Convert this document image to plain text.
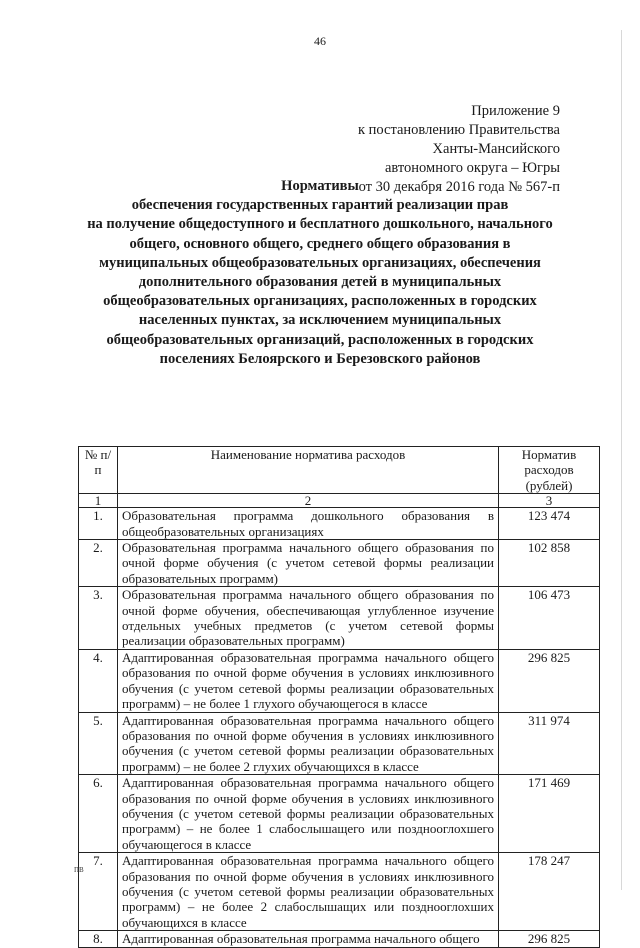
46
Приложение 9
к постановлению Правительства
Ханты-Мансийского
автономного округа – Югры
от 30 декабря 2016 года № 567-п
Нормативы
обеспечения государственных гарантий реализации прав
на получение общедоступного и бесплатного дошкольного, начального
общего, основного общего, среднего общего образования в
муниципальных общеобразовательных организациях, обеспечения
дополнительного образования детей в муниципальных
общеобразовательных организациях, расположенных в городских
населенных пунктах, за исключением муниципальных
общеобразовательных организаций, расположенных в городских
поселениях Белоярского и Березовского районов
№ п/п	Наименование норматива расходов	Норматив расходов (рублей)
1	2	3
1.	Образовательная программа дошкольного образования в общеобразовательных организациях	123 474
2.	Образовательная программа начального общего образования по очной форме обучения (с учетом сетевой формы реализации образовательных программ)	102 858
3.	Образовательная программа начального общего образования по очной форме обучения, обеспечивающая углубленное изучение отдельных учебных предметов (с учетом сетевой формы реализации образовательных программ)	106 473
4.	Адаптированная образовательная программа начального общего образования по очной форме обучения в условиях инклюзивного обучения (с учетом сетевой формы реализации образовательных программ) – не более 1 глухого обучающегося в классе	296 825
5.	Адаптированная образовательная программа начального общего образования по очной форме обучения в условиях инклюзивного обучения (с учетом сетевой формы реализации образовательных программ) – не более 2 глухих обучающихся в классе	311 974
6.	Адаптированная образовательная программа начального общего образования по очной форме обучения в условиях инклюзивного обучения (с учетом сетевой формы реализации образовательных программ) – не более 1 слабослышащего или позднооглохшего обучающегося в классе	171 469
7.	Адаптированная образовательная программа начального общего образования по очной форме обучения в условиях инклюзивного обучения (с учетом сетевой формы реализации образовательных программ) – не более 2 слабослышащих или позднооглохших обучающихся в классе	178 247
8.	Адаптированная образовательная программа начального общего	296 825
ПВ
